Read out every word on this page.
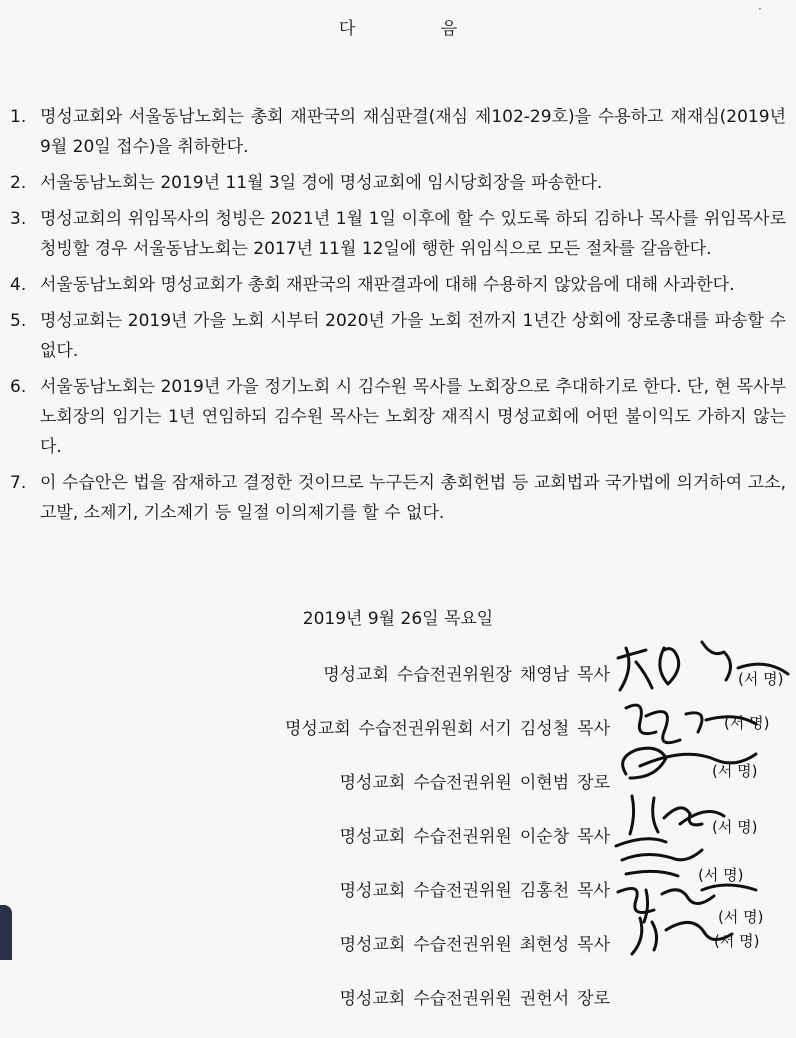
·
다 음
1. 명성교회와 서울동남노회는 총회 재판국의 재심판결(재심 제102-29호)을 수용하고 재재심(2019년 9월 20일 접수)을 취하한다.
2. 서울동남노회는 2019년 11월 3일 경에 명성교회에 임시당회장을 파송한다.
3. 명성교회의 위임목사의 청빙은 2021년 1월 1일 이후에 할 수 있도록 하되 김하나 목사를 위임목사로 청빙할 경우 서울동남노회는 2017년 11월 12일에 행한 위임식으로 모든 절차를 갈음한다.
4. 서울동남노회와 명성교회가 총회 재판국의 재판결과에 대해 수용하지 않았음에 대해 사과한다.
5. 명성교회는 2019년 가을 노회 시부터 2020년 가을 노회 전까지 1년간 상회에 장로총대를 파송할 수 없다.
6. 서울동남노회는 2019년 가을 정기노회 시 김수원 목사를 노회장으로 추대하기로 한다. 단, 현 목사부노회장의 임기는 1년 연임하되 김수원 목사는 노회장 재직시 명성교회에 어떤 불이익도 가하지 않는다.
7. 이 수습안은 법을 잠재하고 결정한 것이므로 누구든지 총회헌법 등 교회법과 국가법에 의거하여 고소, 고발, 소제기, 기소제기 등 일절 이의제기를 할 수 없다.
2019년 9월 26일 목요일
명성교회 수습전권위원장 채영남 목사
명성교회 수습전권위원회 서기 김성철 목사
명성교회 수습전권위원 이현범 장로
명성교회 수습전권위원 이순창 목사
명성교회 수습전권위원 김홍천 목사
명성교회 수습전권위원 최현성 목사
명성교회 수습전권위원 권헌서 장로
(서 명)
(서 명)
(서 명)
(서 명)
(서 명)
(서 명)
(서 명)
